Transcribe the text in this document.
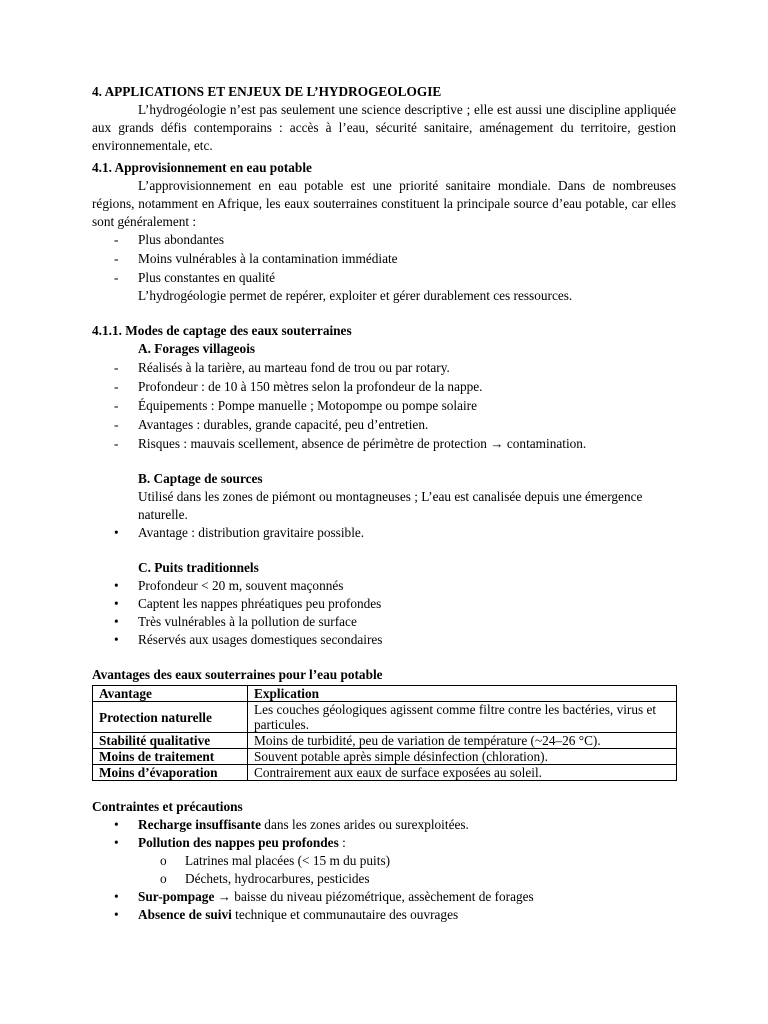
4. APPLICATIONS ET ENJEUX DE L’HYDROGEOLOGIE
L’hydrogéologie n’est pas seulement une science descriptive ; elle est aussi une discipline appliquée aux grands défis contemporains : accès à l’eau, sécurité sanitaire, aménagement du territoire, gestion environnementale, etc.
4.1. Approvisionnement en eau potable
L’approvisionnement en eau potable est une priorité sanitaire mondiale. Dans de nombreuses régions, notamment en Afrique, les eaux souterraines constituent la principale source d’eau potable, car elles sont généralement :
- Plus abondantes
- Moins vulnérables à la contamination immédiate
- Plus constantes en qualité
L’hydrogéologie permet de repérer, exploiter et gérer durablement ces ressources.
4.1.1. Modes de captage des eaux souterraines
A. Forages villageois
- Réalisés à la tarière, au marteau fond de trou ou par rotary.
- Profondeur : de 10 à 150 mètres selon la profondeur de la nappe.
- Équipements : Pompe manuelle ; Motopompe ou pompe solaire
- Avantages : durables, grande capacité, peu d’entretien.
- Risques : mauvais scellement, absence de périmètre de protection → contamination.
B. Captage de sources
Utilisé dans les zones de piémont ou montagneuses ; L’eau est canalisée depuis une émergence naturelle.
• Avantage : distribution gravitaire possible.
C. Puits traditionnels
• Profondeur < 20 m, souvent maçonnés
• Captent les nappes phréatiques peu profondes
• Très vulnérables à la pollution de surface
• Réservés aux usages domestiques secondaires
Avantages des eaux souterraines pour l’eau potable
Avantage	Explication
Protection naturelle	Les couches géologiques agissent comme filtre contre les bactéries, virus et particules.
Stabilité qualitative	Moins de turbidité, peu de variation de température (~24–26 °C).
Moins de traitement	Souvent potable après simple désinfection (chloration).
Moins d’évaporation	Contrairement aux eaux de surface exposées au soleil.
Contraintes et précautions
• Recharge insuffisante dans les zones arides ou surexploitées.
• Pollution des nappes peu profondes :
o Latrines mal placées (< 15 m du puits)
o Déchets, hydrocarbures, pesticides
• Sur-pompage → baisse du niveau piézométrique, assèchement de forages
• Absence de suivi technique et communautaire des ouvrages
